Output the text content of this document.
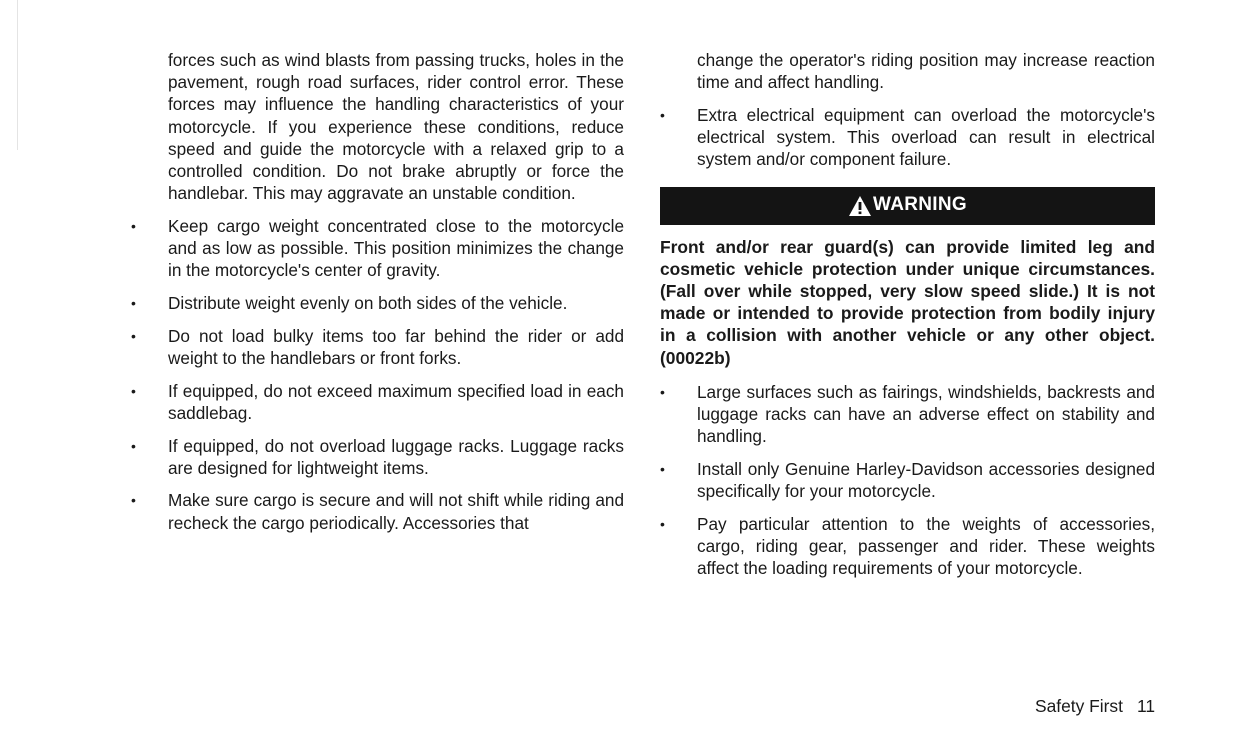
forces such as wind blasts from passing trucks, holes in the pavement, rough road surfaces, rider control error. These forces may influence the handling characteristics of your motorcycle. If you experience these conditions, reduce speed and guide the motorcycle with a relaxed grip to a controlled condition. Do not brake abruptly or force the handlebar. This may aggravate an unstable condition.

• Keep cargo weight concentrated close to the motorcycle and as low as possible. This position minimizes the change in the motorcycle's center of gravity.
• Distribute weight evenly on both sides of the vehicle.
• Do not load bulky items too far behind the rider or add weight to the handlebars or front forks.
• If equipped, do not exceed maximum specified load in each saddlebag.
• If equipped, do not overload luggage racks. Luggage racks are designed for lightweight items.
• Make sure cargo is secure and will not shift while riding and recheck the cargo periodically. Accessories that

change the operator's riding position may increase reaction time and affect handling.

• Extra electrical equipment can overload the motorcycle's electrical system. This overload can result in electrical system and/or component failure.
WARNING

Front and/or rear guard(s) can provide limited leg and cosmetic vehicle protection under unique circumstances. (Fall over while stopped, very slow speed slide.) It is not made or intended to provide protection from bodily injury in a collision with another vehicle or any other object. (00022b)

• Large surfaces such as fairings, windshields, backrests and luggage racks can have an adverse effect on stability and handling.
• Install only Genuine Harley-Davidson accessories designed specifically for your motorcycle.
• Pay particular attention to the weights of accessories, cargo, riding gear, passenger and rider. These weights affect the loading requirements of your motorcycle.
Safety First 11
